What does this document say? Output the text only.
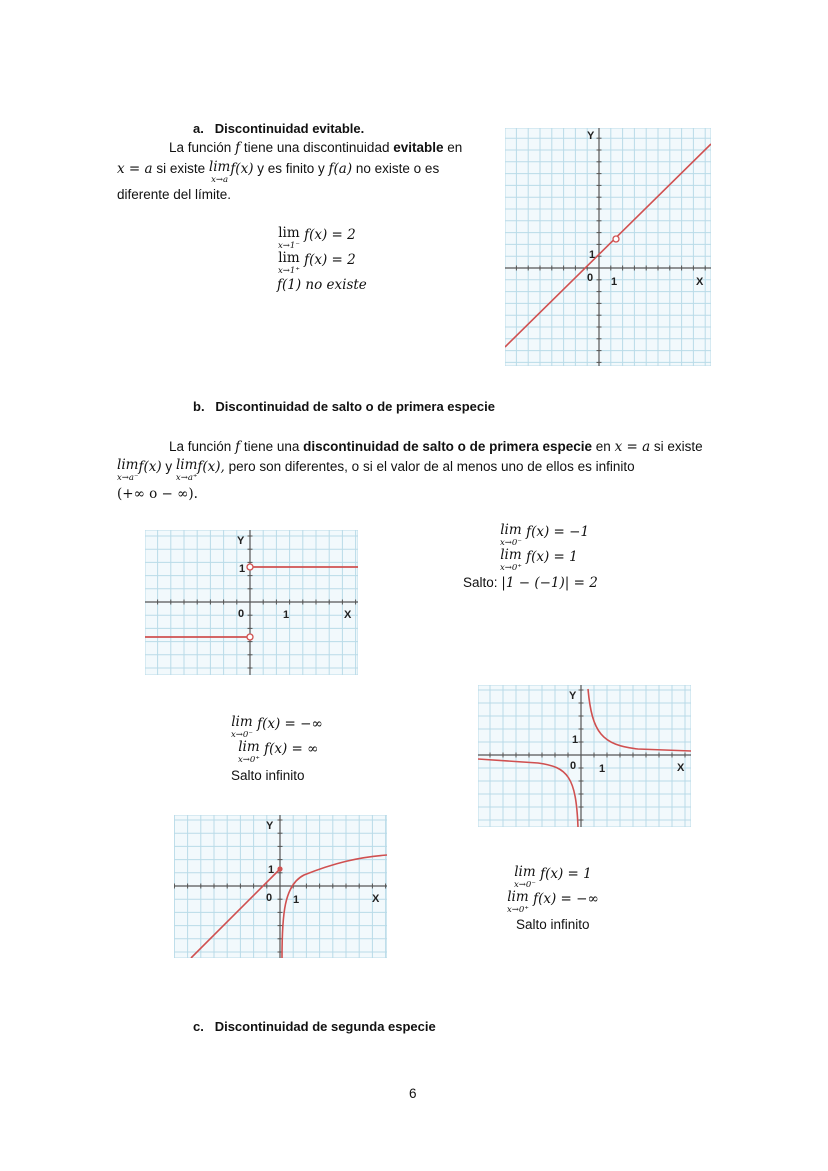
a. Discontinuidad evitable.
La función f tiene una discontinuidad evitable en
x = a si existe lim
x→a
f(x) y es finito y f(a) no existe o es
diferente del límite.
lim
x→1⁻
f(x) = 2
lim
x→1⁺
f(x) = 2
f(1) no existe
Y
X
0 1
1
b. Discontinuidad de salto o de primera especie
La función f tiene una discontinuidad de salto o de primera especie en x = a si existe
lim
x→a⁻
f(x) y lim
x→a⁺
f(x), pero son diferentes, o si el valor de al menos uno de ellos es infinito
(+∞ o − ∞).
lim
x→0⁻
f(x) = −1
lim
x→0⁺
f(x) = 1
Salto: |1 − (−1)| = 2
Y
X
0	1
1
lim
x→0⁻
f(x) = −∞
lim
x→0⁺
f(x) = ∞
Salto infinito
Y
X
0 1
1
Y
X
0 1
1	lim
x→0⁻
f(x) = 1
lim
x→0⁺
f(x) = −∞
Salto infinito
c. Discontinuidad de segunda especie
6
